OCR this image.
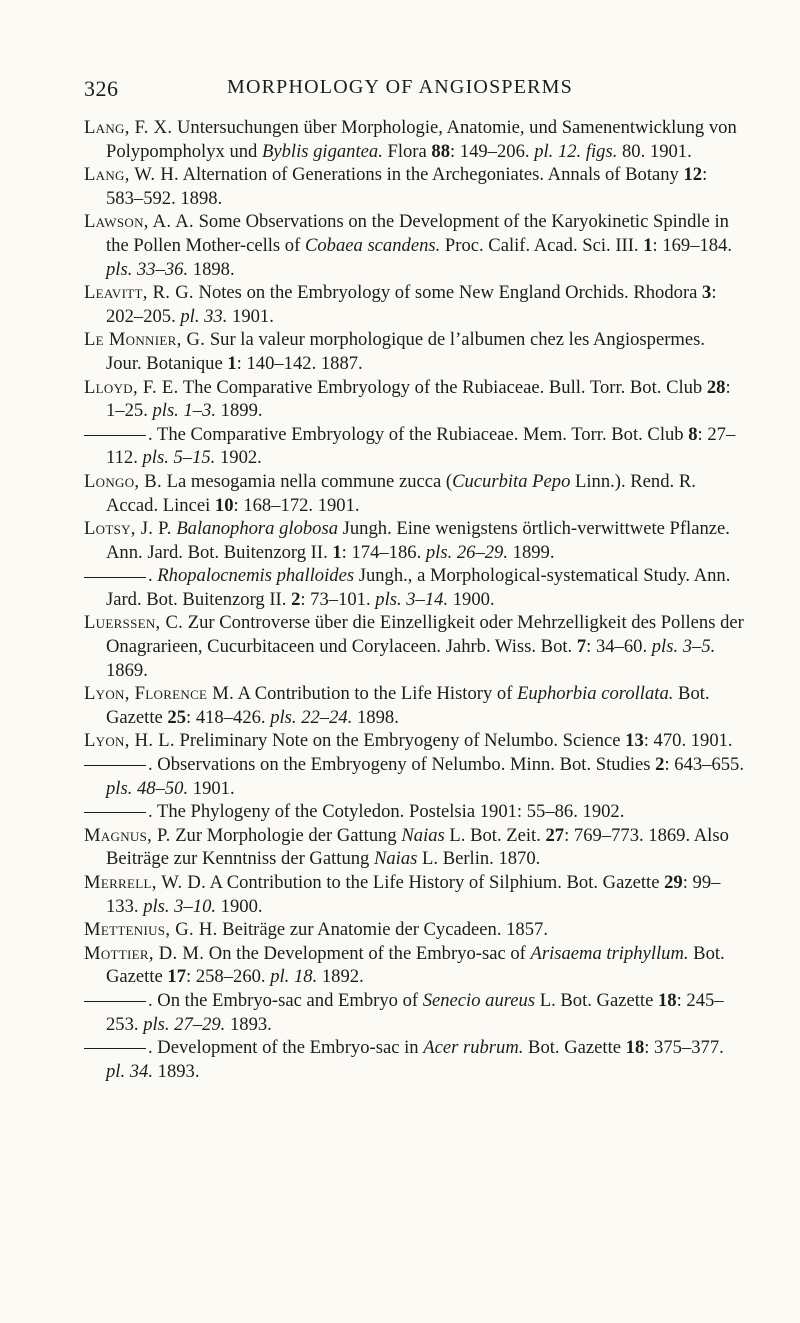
326	MORPHOLOGY OF ANGIOSPERMS

Lang, F. X. Untersuchungen über Morphologie, Anatomie, und Samenentwicklung von Polypompholyx und Byblis gigantea. Flora 88: 149–206. pl. 12. figs. 80. 1901.

Lang, W. H. Alternation of Generations in the Archegoniates. Annals of Botany 12: 583–592. 1898.

Lawson, A. A. Some Observations on the Development of the Karyokinetic Spindle in the Pollen Mother-cells of Cobaea scandens. Proc. Calif. Acad. Sci. III. 1: 169–184. pls. 33–36. 1898.

Leavitt, R. G. Notes on the Embryology of some New England Orchids. Rhodora 3: 202–205. pl. 33. 1901.

Le Monnier, G. Sur la valeur morphologique de l’albumen chez les Angiospermes. Jour. Botanique 1: 140–142. 1887.

Lloyd, F. E. The Comparative Embryology of the Rubiaceae. Bull. Torr. Bot. Club 28: 1–25. pls. 1–3. 1899.

. The Comparative Embryology of the Rubiaceae. Mem. Torr. Bot. Club 8: 27–112. pls. 5–15. 1902.

Longo, B. La mesogamia nella commune zucca (Cucurbita Pepo Linn.). Rend. R. Accad. Lincei 10: 168–172. 1901.

Lotsy, J. P. Balanophora globosa Jungh. Eine wenigstens örtlich-verwittwete Pflanze. Ann. Jard. Bot. Buitenzorg II. 1: 174–186. pls. 26–29. 1899.

. Rhopalocnemis phalloides Jungh., a Morphological-systematical Study. Ann. Jard. Bot. Buitenzorg II. 2: 73–101. pls. 3–14. 1900.

Luerssen, C. Zur Controverse über die Einzelligkeit oder Mehrzelligkeit des Pollens der Onagrarieen, Cucurbitaceen und Corylaceen. Jahrb. Wiss. Bot. 7: 34–60. pls. 3–5. 1869.

Lyon, Florence M. A Contribution to the Life History of Euphorbia corollata. Bot. Gazette 25: 418–426. pls. 22–24. 1898.

Lyon, H. L. Preliminary Note on the Embryogeny of Nelumbo. Science 13: 470. 1901.

. Observations on the Embryogeny of Nelumbo. Minn. Bot. Studies 2: 643–655. pls. 48–50. 1901.

. The Phylogeny of the Cotyledon. Postelsia 1901: 55–86. 1902.

Magnus, P. Zur Morphologie der Gattung Naias L. Bot. Zeit. 27: 769–773. 1869. Also Beiträge zur Kenntniss der Gattung Naias L. Berlin. 1870.

Merrell, W. D. A Contribution to the Life History of Silphium. Bot. Gazette 29: 99–133. pls. 3–10. 1900.

Mettenius, G. H. Beiträge zur Anatomie der Cycadeen. 1857.

Mottier, D. M. On the Development of the Embryo-sac of Arisaema triphyllum. Bot. Gazette 17: 258–260. pl. 18. 1892.

. On the Embryo-sac and Embryo of Senecio aureus L. Bot. Gazette 18: 245–253. pls. 27–29. 1893.

. Development of the Embryo-sac in Acer rubrum. Bot. Gazette 18: 375–377. pl. 34. 1893.
